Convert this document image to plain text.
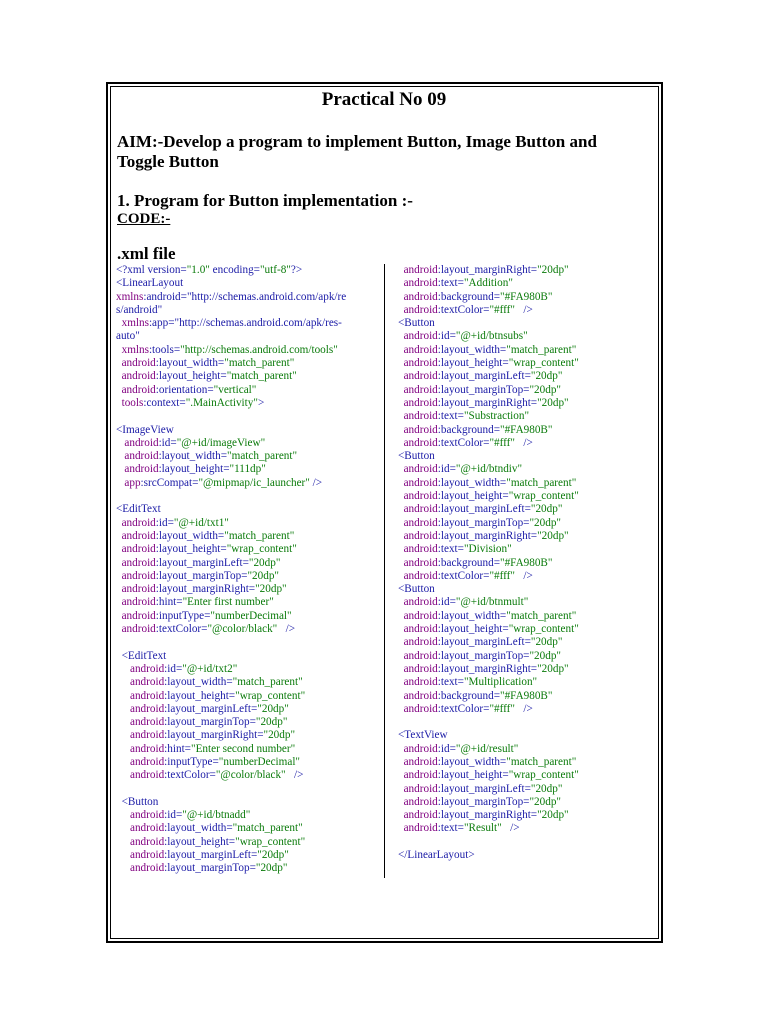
Practical No 09
AIM:-Develop a program to implement Button, Image Button and Toggle Button
1. Program for Button implementation :-
CODE:-
.xml file
<?xml version="1.0" encoding="utf-8"?>
<LinearLayout
xmlns:android="http://schemas.android.com/apk/re
s/android"
xmlns:app="http://schemas.android.com/apk/res-
auto"
xmlns:tools="http://schemas.android.com/tools"
android:layout_width="match_parent"
android:layout_height="match_parent"
android:orientation="vertical"
tools:context=".MainActivity">

<ImageView
android:id="@+id/imageView"
android:layout_width="match_parent"
android:layout_height="111dp"
app:srcCompat="@mipmap/ic_launcher" />

<EditText
android:id="@+id/txt1"
android:layout_width="match_parent"
android:layout_height="wrap_content"
android:layout_marginLeft="20dp"
android:layout_marginTop="20dp"
android:layout_marginRight="20dp"
android:hint="Enter first number"
android:inputType="numberDecimal"
android:textColor="@color/black" />

<EditText
android:id="@+id/txt2"
android:layout_width="match_parent"
android:layout_height="wrap_content"
android:layout_marginLeft="20dp"
android:layout_marginTop="20dp"
android:layout_marginRight="20dp"
android:hint="Enter second number"
android:inputType="numberDecimal"
android:textColor="@color/black" />

<Button
android:id="@+id/btnadd"
android:layout_width="match_parent"
android:layout_height="wrap_content"
android:layout_marginLeft="20dp"
android:layout_marginTop="20dp"
android:layout_marginRight="20dp"
android:text="Addition"
android:background="#FA980B"
android:textColor="#fff" />
<Button
android:id="@+id/btnsubs"
android:layout_width="match_parent"
android:layout_height="wrap_content"
android:layout_marginLeft="20dp"
android:layout_marginTop="20dp"
android:layout_marginRight="20dp"
android:text="Substraction"
android:background="#FA980B"
android:textColor="#fff" />
<Button
android:id="@+id/btndiv"
android:layout_width="match_parent"
android:layout_height="wrap_content"
android:layout_marginLeft="20dp"
android:layout_marginTop="20dp"
android:layout_marginRight="20dp"
android:text="Division"
android:background="#FA980B"
android:textColor="#fff" />
<Button
android:id="@+id/btnmult"
android:layout_width="match_parent"
android:layout_height="wrap_content"
android:layout_marginLeft="20dp"
android:layout_marginTop="20dp"
android:layout_marginRight="20dp"
android:text="Multiplication"
android:background="#FA980B"
android:textColor="#fff" />

<TextView
android:id="@+id/result"
android:layout_width="match_parent"
android:layout_height="wrap_content"
android:layout_marginLeft="20dp"
android:layout_marginTop="20dp"
android:layout_marginRight="20dp"
android:text="Result" />

</LinearLayout>
